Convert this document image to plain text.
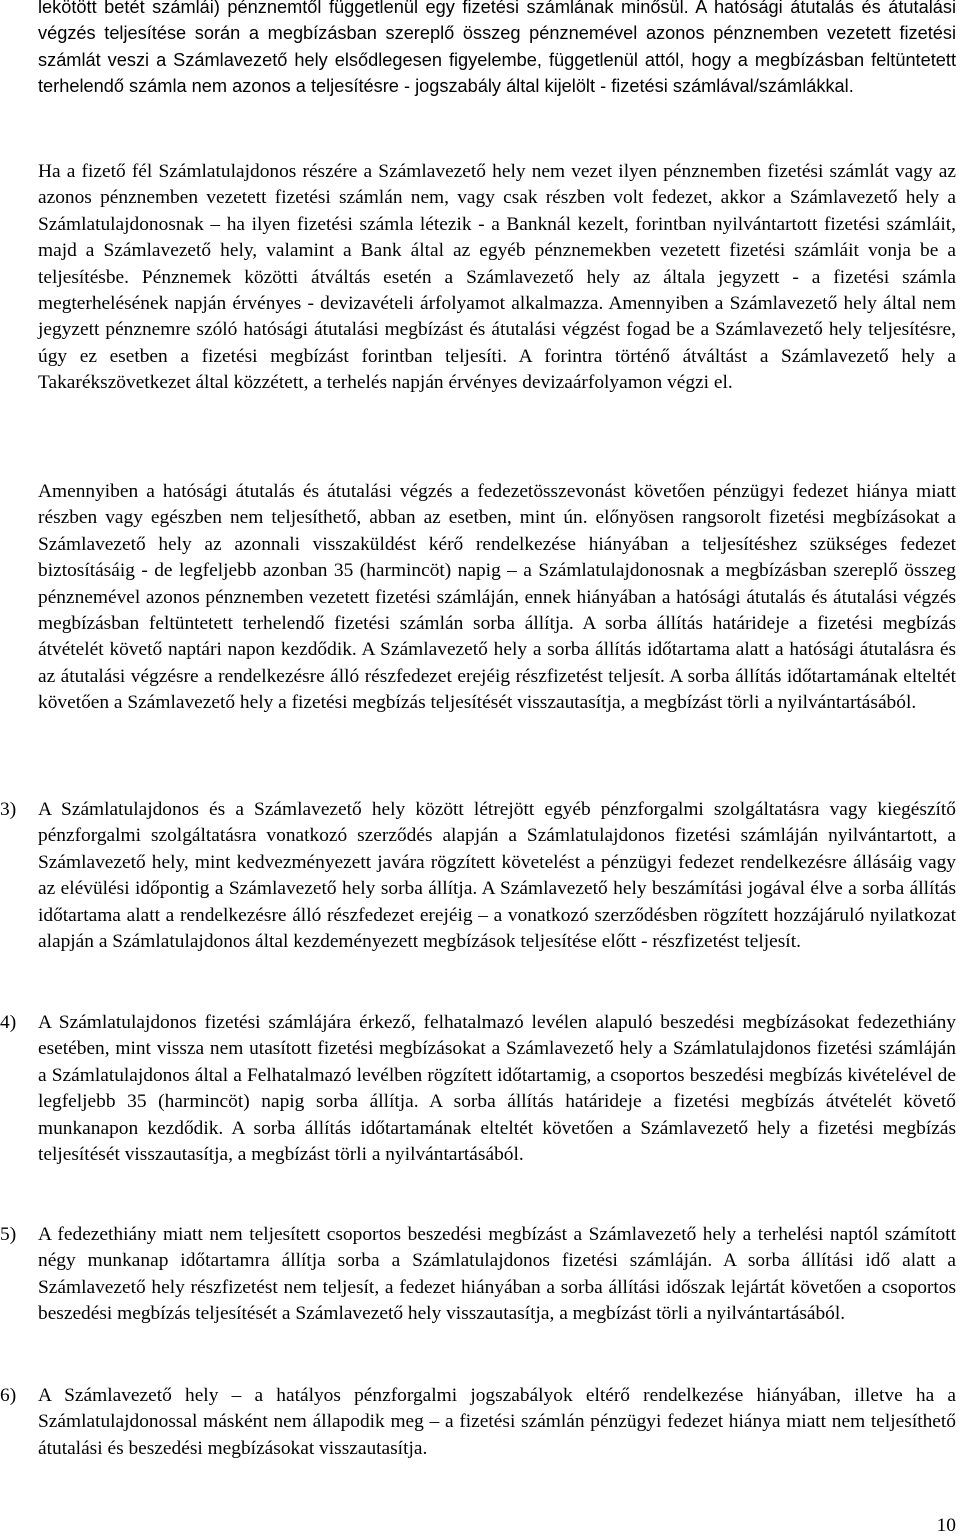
lekötött betét számlái) pénznemtől függetlenül egy fizetési számlának minősül. A hatósági átutalás és átutalási végzés teljesítése során a megbízásban szereplő összeg pénznemével azonos pénznemben vezetett fizetési számlát veszi a Számlavezető hely elsődlegesen figyelembe, függetlenül attól, hogy a megbízásban feltüntetett terhelendő számla nem azonos a teljesítésre - jogszabály által kijelölt - fizetési számlával/számlákkal.

Ha a fizető fél Számlatulajdonos részére a Számlavezető hely nem vezet ilyen pénznemben fizetési számlát vagy az azonos pénznemben vezetett fizetési számlán nem, vagy csak részben volt fedezet, akkor a Számlavezető hely a Számlatulajdonosnak – ha ilyen fizetési számla létezik - a Banknál kezelt, forintban nyilvántartott fizetési számláit, majd a Számlavezető hely, valamint a Bank által az egyéb pénznemekben vezetett fizetési számláit vonja be a teljesítésbe. Pénznemek közötti átváltás esetén a Számlavezető hely az általa jegyzett - a fizetési számla megterhelésének napján érvényes - devizavételi árfolyamot alkalmazza. Amennyiben a Számlavezető hely által nem jegyzett pénznemre szóló hatósági átutalási megbízást és átutalási végzést fogad be a Számlavezető hely teljesítésre, úgy ez esetben a fizetési megbízást forintban teljesíti. A forintra történő átváltást a Számlavezető hely a Takarékszövetkezet által közzétett, a terhelés napján érvényes devizaárfolyamon végzi el.

Amennyiben a hatósági átutalás és átutalási végzés a fedezetösszevonást követően pénzügyi fedezet hiánya miatt részben vagy egészben nem teljesíthető, abban az esetben, mint ún. előnyösen rangsorolt fizetési megbízásokat a Számlavezető hely az azonnali visszaküldést kérő rendelkezése hiányában a teljesítéshez szükséges fedezet biztosításáig - de legfeljebb azonban 35 (harmincöt) napig – a Számlatulajdonosnak a megbízásban szereplő összeg pénznemével azonos pénznemben vezetett fizetési számláján, ennek hiányában a hatósági átutalás és átutalási végzés megbízásban feltüntetett terhelendő fizetési számlán sorba állítja. A sorba állítás határideje a fizetési megbízás átvételét követő naptári napon kezdődik. A Számlavezető hely a sorba állítás időtartama alatt a hatósági átutalásra és az átutalási végzésre a rendelkezésre álló részfedezet erejéig részfizetést teljesít. A sorba állítás időtartamának elteltét követően a Számlavezető hely a fizetési megbízás teljesítését visszautasítja, a megbízást törli a nyilvántartásából.

3) A Számlatulajdonos és a Számlavezető hely között létrejött egyéb pénzforgalmi szolgáltatásra vagy kiegészítő pénzforgalmi szolgáltatásra vonatkozó szerződés alapján a Számlatulajdonos fizetési számláján nyilvántartott, a Számlavezető hely, mint kedvezményezett javára rögzített követelést a pénzügyi fedezet rendelkezésre állásáig vagy az elévülési időpontig a Számlavezető hely sorba állítja. A Számlavezető hely beszámítási jogával élve a sorba állítás időtartama alatt a rendelkezésre álló részfedezet erejéig – a vonatkozó szerződésben rögzített hozzájáruló nyilatkozat alapján a Számlatulajdonos által kezdeményezett megbízások teljesítése előtt - részfizetést teljesít.

4) A Számlatulajdonos fizetési számlájára érkező, felhatalmazó levélen alapuló beszedési megbízásokat fedezethiány esetében, mint vissza nem utasított fizetési megbízásokat a Számlavezető hely a Számlatulajdonos fizetési számláján a Számlatulajdonos által a Felhatalmazó levélben rögzített időtartamig, a csoportos beszedési megbízás kivételével de legfeljebb 35 (harmincöt) napig sorba állítja. A sorba állítás határideje a fizetési megbízás átvételét követő munkanapon kezdődik. A sorba állítás időtartamának elteltét követően a Számlavezető hely a fizetési megbízás teljesítését visszautasítja, a megbízást törli a nyilvántartásából.

5) A fedezethiány miatt nem teljesített csoportos beszedési megbízást a Számlavezető hely a terhelési naptól számított négy munkanap időtartamra állítja sorba a Számlatulajdonos fizetési számláján. A sorba állítási idő alatt a Számlavezető hely részfizetést nem teljesít, a fedezet hiányában a sorba állítási időszak lejártát követően a csoportos beszedési megbízás teljesítését a Számlavezető hely visszautasítja, a megbízást törli a nyilvántartásából.

6) A Számlavezető hely – a hatályos pénzforgalmi jogszabályok eltérő rendelkezése hiányában, illetve ha a Számlatulajdonossal másként nem állapodik meg – a fizetési számlán pénzügyi fedezet hiánya miatt nem teljesíthető átutalási és beszedési megbízásokat visszautasítja.

10
